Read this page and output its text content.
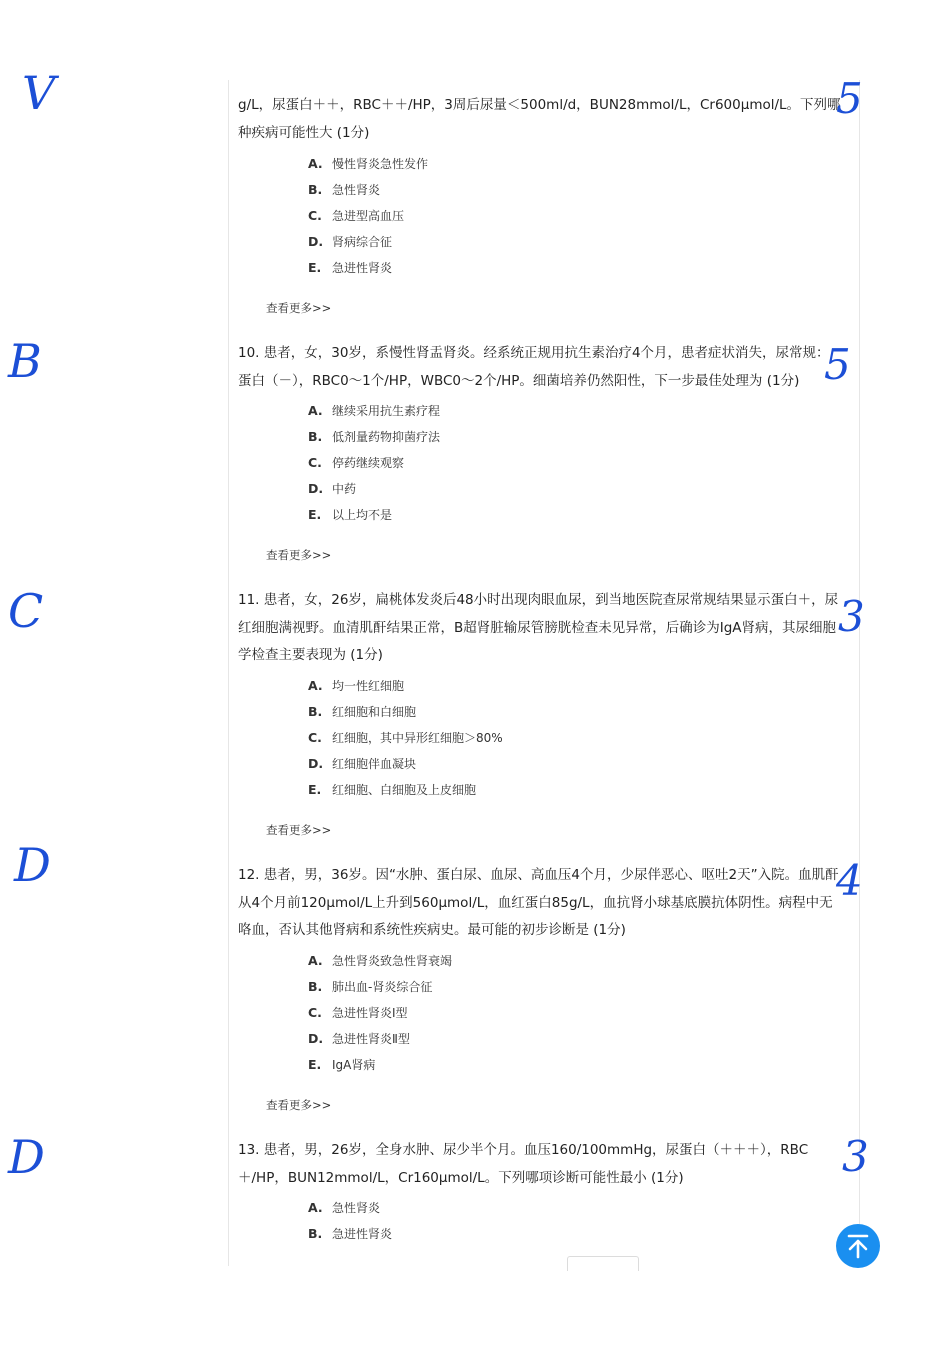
g/L，尿蛋白＋＋，RBC＋＋/HP，3周后尿量＜500ml/d，BUN28mmol/L，Cr600μmol/L。下列哪种疾病可能性大 (1分)

A. 慢性肾炎急性发作
B. 急性肾炎
C. 急进型高血压
D. 肾病综合征
E. 急进性肾炎
查看更多>>

10. 患者，女，30岁，系慢性肾盂肾炎。经系统正规用抗生素治疗4个月，患者症状消失，尿常规：蛋白（－），RBC0～1个/HP，WBC0～2个/HP。细菌培养仍然阳性，下一步最佳处理为 (1分)

A. 继续采用抗生素疗程
B. 低剂量药物抑菌疗法
C. 停药继续观察
D. 中药
E. 以上均不是
查看更多>>

11. 患者，女，26岁，扁桃体发炎后48小时出现肉眼血尿，到当地医院查尿常规结果显示蛋白＋，尿红细胞满视野。血清肌酐结果正常，B超肾脏输尿管膀胱检查未见异常，后确诊为IgA肾病，其尿细胞学检查主要表现为 (1分)

A. 均一性红细胞
B. 红细胞和白细胞
C. 红细胞，其中异形红细胞＞80%
D. 红细胞伴血凝块
E. 红细胞、白细胞及上皮细胞
查看更多>>

12. 患者，男，36岁。因“水肿、蛋白尿、血尿、高血压4个月，少尿伴恶心、呕吐2天”入院。血肌酐从4个月前120μmol/L上升到560μmol/L，血红蛋白85g/L，血抗肾小球基底膜抗体阴性。病程中无咯血，否认其他肾病和系统性疾病史。最可能的初步诊断是 (1分)

A. 急性肾炎致急性肾衰竭
B. 肺出血-肾炎综合征
C. 急进性肾炎Ⅰ型
D. 急进性肾炎Ⅱ型
E. IgA肾病
查看更多>>

13. 患者，男，26岁，全身水肿、尿少半个月。血压160/100mmHg，尿蛋白（＋＋＋），RBC＋/HP，BUN12mmol/L，Cr160μmol/L。下列哪项诊断可能性最小 (1分)

A. 急性肾炎
B. 急进性肾炎
V
B
C
D
D
5
5
3
4
3
